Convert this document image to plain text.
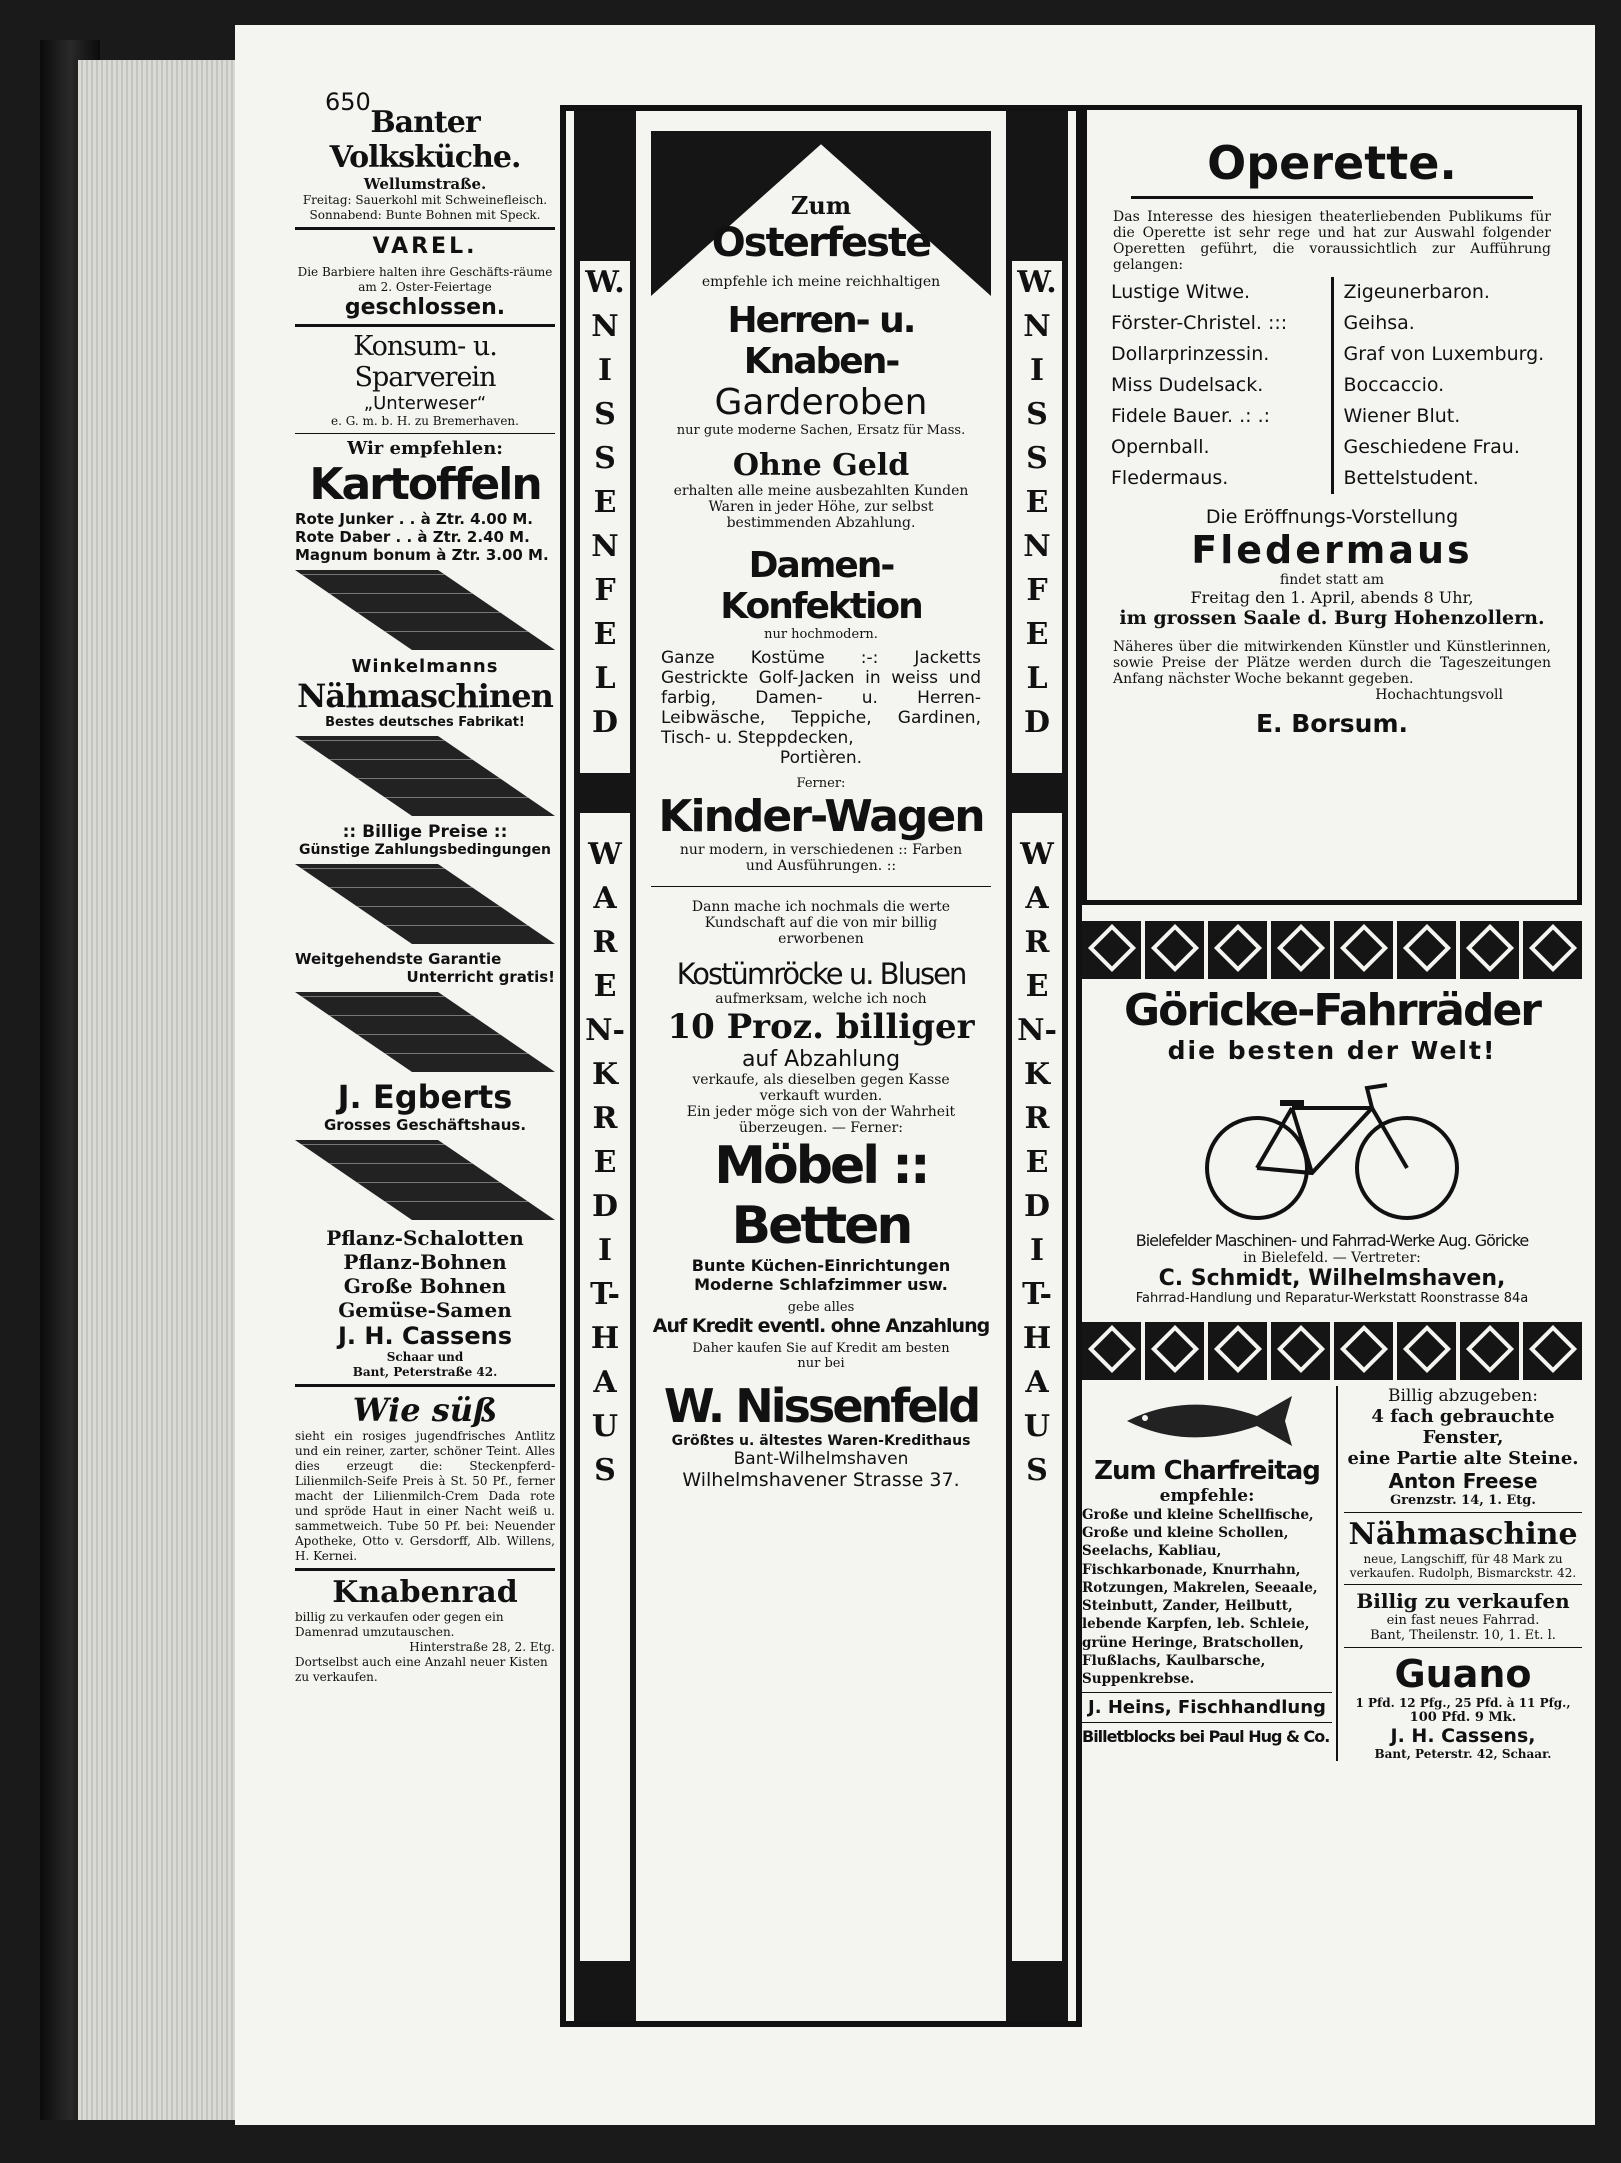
650
Banter Volksküche.
Wellumstraße.
Freitag: Sauerkohl mit Schweinefleisch.
Sonnabend: Bunte Bohnen mit Speck.
VAREL.
Die Barbiere halten ihre Geschäfts-räume am 2. Oster-Feiertage
geschlossen.
Konsum- u. Sparverein
„Unterweser“
e. G. m. b. H. zu Bremerhaven.
Wir empfehlen:
Kartoffeln
Rote Junker . . à Ztr. 4.00 M.
Rote Daber . . à Ztr. 2.40 M.
Magnum bonum à Ztr. 3.00 M.
Winkelmanns
Nähmaschinen
Bestes deutsches Fabrikat!
:: Billige Preise ::
Günstige Zahlungsbedingungen
Weitgehendste Garantie
Unterricht gratis!
J. Egberts
Grosses Geschäftshaus.
Pflanz-Schalotten
Pflanz-Bohnen
Große Bohnen
Gemüse-Samen
J. H. Cassens
Schaar und
Bant, Peterstraße 42.
Wie süß
sieht ein rosiges jugendfrisches Antlitz und ein reiner, zarter, schöner Teint. Alles dies erzeugt die: Steckenpferd-Lilienmilch-Seife Preis à St. 50 Pf., ferner macht der Lilienmilch-Crem Dada rote und spröde Haut in einer Nacht weiß u. sammetweich. Tube 50 Pf. bei: Neuender Apotheke, Otto v. Gersdorff, Alb. Willens, H. Kernei.
Knabenrad
billig zu verkaufen oder gegen ein Damenrad umzutauschen.
Hinterstraße 28, 2. Etg.
Dortselbst auch eine Anzahl neuer Kisten zu verkaufen.
W.
N
I
S
S
E
N
F
E
L
D
W
A
R
E
N-
K
R
E
D
I
T-
H
A
U
S
W.
N
I
S
S
E
N
F
E
L
D
W
A
R
E
N-
K
R
E
D
I
T-
H
A
U
S
Zum
Osterfeste
empfehle ich meine reichhaltigen
Herren- u. Knaben-
Garderoben
nur gute moderne Sachen, Ersatz für Mass.
Ohne Geld
erhalten alle meine ausbezahlten Kunden Waren in jeder Höhe, zur selbst bestimmenden Abzahlung.
Damen-Konfektion
nur hochmodern.
Ganze Kostüme :-: Jacketts Gestrickte Golf-Jacken in weiss und farbig, Damen- u. Herren-Leibwäsche, Teppiche, Gardinen, Tisch- u. Steppdecken,
Portièren.
Ferner:
Kinder-Wagen
nur modern, in verschiedenen :: Farben und Ausführungen. ::
Dann mache ich nochmals die werte Kundschaft auf die von mir billig erworbenen
Kostümröcke u. Blusen
aufmerksam, welche ich noch
10 Proz. billiger
auf Abzahlung
verkaufe, als dieselben gegen Kasse verkauft wurden.
Ein jeder möge sich von der Wahrheit überzeugen. — Ferner:
Möbel :: Betten
Bunte Küchen-Einrichtungen
Moderne Schlafzimmer usw.
gebe alles
Auf Kredit eventl. ohne Anzahlung
Daher kaufen Sie auf Kredit am besten nur bei
W. Nissenfeld
Größtes u. ältestes Waren-Kredithaus
Bant-Wilhelmshaven
Wilhelmshavener Strasse 37.
Operette.
Das Interesse des hiesigen theaterliebenden Publikums für die Operette ist sehr rege und hat zur Auswahl folgender Operetten geführt, die voraussichtlich zur Aufführung gelangen:
Lustige Witwe.
Förster-Christel. :::
Dollarprinzessin.
Miss Dudelsack.
Fidele Bauer. .: .:
Opernball.
Fledermaus.
Zigeunerbaron.
Geihsa.
Graf von Luxemburg.
Boccaccio.
Wiener Blut.
Geschiedene Frau.
Bettelstudent.
Die Eröffnungs-Vorstellung
Fledermaus
findet statt am
Freitag den 1. April, abends 8 Uhr,
im grossen Saale d. Burg Hohenzollern.
Näheres über die mitwirkenden Künstler und Künstlerinnen, sowie Preise der Plätze werden durch die Tageszeitungen Anfang nächster Woche bekannt gegeben.
Hochachtungsvoll
E. Borsum.
Göricke-Fahrräder
die besten der Welt!
Bielefelder Maschinen- und Fahrrad-Werke Aug. Göricke
in Bielefeld. — Vertreter:
C. Schmidt, Wilhelmshaven,
Fahrrad-Handlung und Reparatur-Werkstatt Roonstrasse 84a
Zum Charfreitag
empfehle:
Große und kleine Schellfische, Große und kleine Schollen, Seelachs, Kabliau, Fischkarbonade, Knurrhahn, Rotzungen, Makrelen, Seeaale, Steinbutt, Zander, Heilbutt, lebende Karpfen, leb. Schleie, grüne Heringe, Bratschollen, Flußlachs, Kaulbarsche, Suppenkrebse.
J. Heins, Fischhandlung
Billetblocks bei Paul Hug & Co.
Billig abzugeben:
4 fach gebrauchte Fenster,
eine Partie alte Steine.
Anton Freese
Grenzstr. 14, 1. Etg.
Nähmaschine
neue, Langschiff, für 48 Mark zu verkaufen. Rudolph, Bismarckstr. 42.
Billig zu verkaufen
ein fast neues Fahrrad.
Bant, Theilenstr. 10, 1. Et. l.
Guano
1 Pfd. 12 Pfg., 25 Pfd. à 11 Pfg.,
100 Pfd. 9 Mk.
J. H. Cassens,
Bant, Peterstr. 42, Schaar.
